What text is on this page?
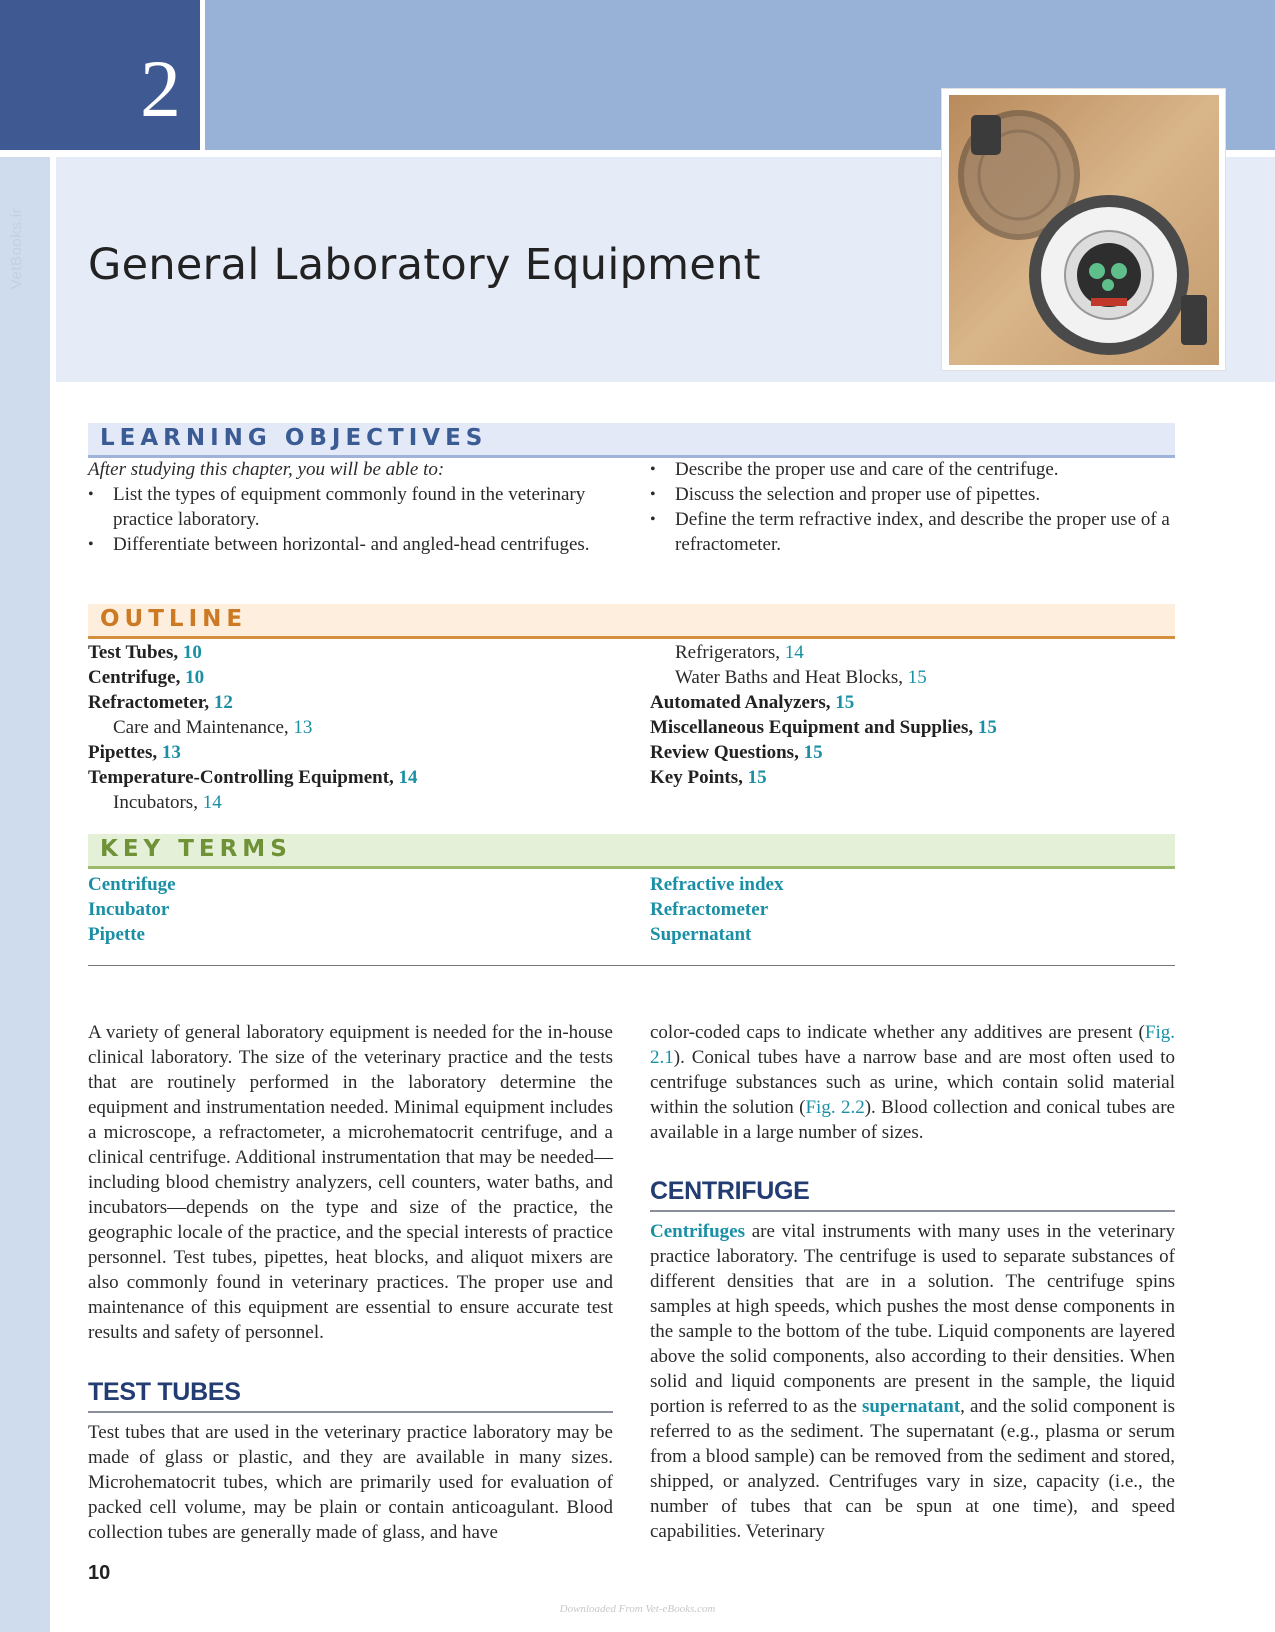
2
VetBooks.ir General Laboratory Equipment
LEARNING OBJECTIVES
After studying this chapter, you will be able to:
• List the types of equipment commonly found in the veterinary practice laboratory.
• Differentiate between horizontal- and angled-head centrifuges.
• Describe the proper use and care of the centrifuge.
• Discuss the selection and proper use of pipettes.
• Define the term refractive index, and describe the proper use of a refractometer.
OUTLINE
Test Tubes, 10
Centrifuge, 10
Refractometer, 12
Care and Maintenance, 13
Pipettes, 13
Temperature-Controlling Equipment, 14
Incubators, 14
Refrigerators, 14
Water Baths and Heat Blocks, 15
Automated Analyzers, 15
Miscellaneous Equipment and Supplies, 15
Review Questions, 15
Key Points, 15
KEY TERMS
Centrifuge
Incubator
Pipette
Refractive index
Refractometer
Supernatant
A variety of general laboratory equipment is needed for the in-house clinical laboratory. The size of the veterinary practice and the tests that are routinely performed in the laboratory determine the equipment and instrumentation needed. Minimal equipment includes a microscope, a refractometer, a microhematocrit centrifuge, and a clinical centrifuge. Additional instrumentation that may be needed—including blood chemistry analyzers, cell counters, water baths, and incubators—depends on the type and size of the practice, the geographic locale of the practice, and the special interests of practice personnel. Test tubes, pipettes, heat blocks, and aliquot mixers are also commonly found in veterinary practices. The proper use and maintenance of this equipment are essential to ensure accurate test results and safety of personnel.
TEST TUBES
Test tubes that are used in the veterinary practice laboratory may be made of glass or plastic, and they are available in many sizes. Microhematocrit tubes, which are primarily used for evaluation of packed cell volume, may be plain or contain anticoagulant. Blood collection tubes are generally made of glass, and have
color-coded caps to indicate whether any additives are present (Fig. 2.1). Conical tubes have a narrow base and are most often used to centrifuge substances such as urine, which contain solid material within the solution (Fig. 2.2). Blood collection and conical tubes are available in a large number of sizes.
CENTRIFUGE
Centrifuges are vital instruments with many uses in the veterinary practice laboratory. The centrifuge is used to separate substances of different densities that are in a solution. The centrifuge spins samples at high speeds, which pushes the most dense components in the sample to the bottom of the tube. Liquid components are layered above the solid components, also according to their densities. When solid and liquid components are present in the sample, the liquid portion is referred to as the supernatant, and the solid component is referred to as the sediment. The supernatant (e.g., plasma or serum from a blood sample) can be removed from the sediment and stored, shipped, or analyzed. Centrifuges vary in size, capacity (i.e., the number of tubes that can be spun at one time), and speed capabilities. Veterinary
10
Downloaded From Vet-eBooks.com
